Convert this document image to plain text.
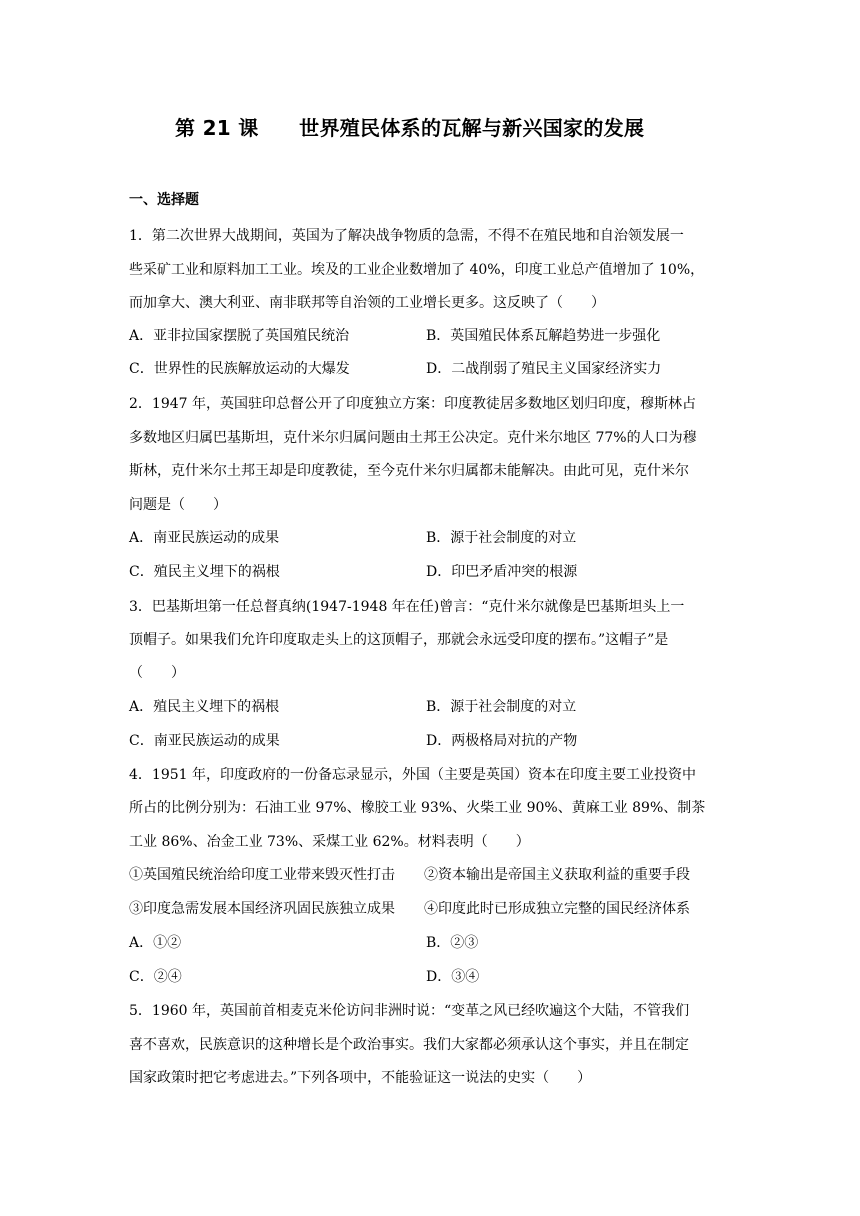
第 21 课　　世界殖民体系的瓦解与新兴国家的发展
一、选择题
1．第二次世界大战期间，英国为了解决战争物质的急需，不得不在殖民地和自治领发展一
些采矿工业和原料加工工业。埃及的工业企业数增加了 40%，印度工业总产值增加了 10%，
而加拿大、澳大利亚、南非联邦等自治领的工业增长更多。这反映了（　　）
A．亚非拉国家摆脱了英国殖民统治	B．英国殖民体系瓦解趋势进一步强化
C．世界性的民族解放运动的大爆发	D．二战削弱了殖民主义国家经济实力
2．1947 年，英国驻印总督公开了印度独立方案：印度教徒居多数地区划归印度，穆斯林占
多数地区归属巴基斯坦，克什米尔归属问题由土邦王公决定。克什米尔地区 77%的人口为穆
斯林，克什米尔土邦王却是印度教徒，至今克什米尔归属都未能解决。由此可见，克什米尔
问题是（　　）
A．南亚民族运动的成果	B．源于社会制度的对立
C．殖民主义埋下的祸根	D．印巴矛盾冲突的根源
3．巴基斯坦第一任总督真纳(1947-1948 年在任)曾言：“克什米尔就像是巴基斯坦头上一
顶帽子。如果我们允许印度取走头上的这顶帽子，那就会永远受印度的摆布。”这帽子”是
（　　）
A．殖民主义埋下的祸根	B．源于社会制度的对立
C．南亚民族运动的成果	D．两极格局对抗的产物
4．1951 年，印度政府的一份备忘录显示，外国（主要是英国）资本在印度主要工业投资中
所占的比例分别为：石油工业 97%、橡胶工业 93%、火柴工业 90%、黄麻工业 89%、制茶
工业 86%、冶金工业 73%、采煤工业 62%。材料表明（　　）
①英国殖民统治给印度工业带来毁灭性打击 ②资本输出是帝国主义获取利益的重要手段
③印度急需发展本国经济巩固民族独立成果 ④印度此时已形成独立完整的国民经济体系
A．①②	B．②③
C．②④	D．③④
5．1960 年，英国前首相麦克米伦访问非洲时说：“变革之风已经吹遍这个大陆，不管我们
喜不喜欢，民族意识的这种增长是个政治事实。我们大家都必须承认这个事实，并且在制定
国家政策时把它考虑进去。”下列各项中，不能验证这一说法的史实（　　）
